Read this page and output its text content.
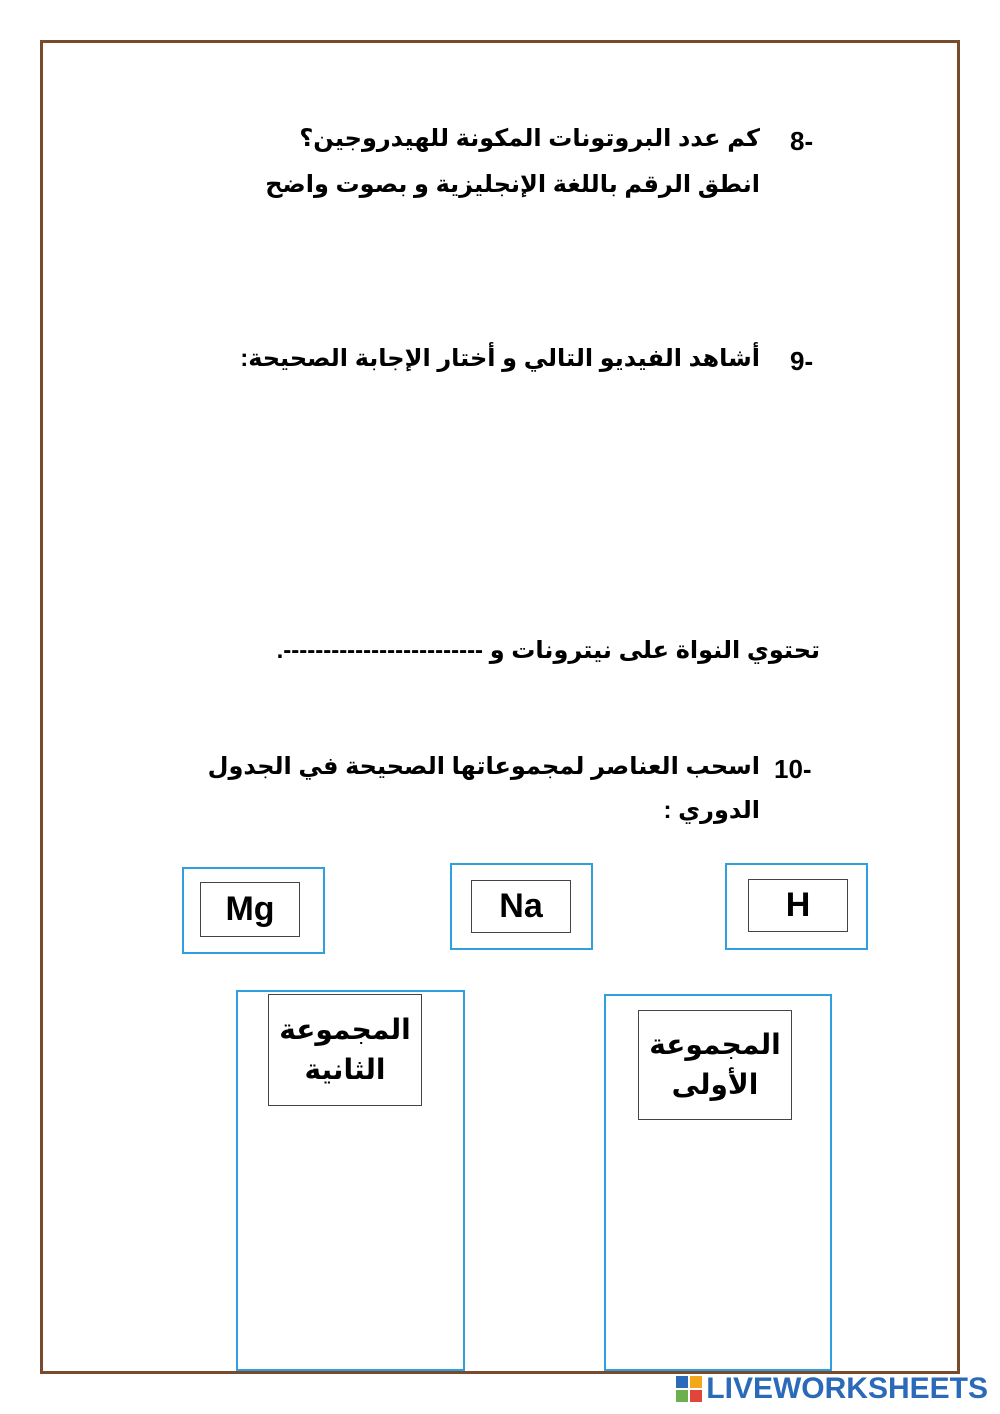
8-
كم عدد البروتونات المكونة للهيدروجين؟
انطق الرقم باللغة الإنجليزية و بصوت واضح
9-
أشاهد الفيديو التالي و أختار الإجابة الصحيحة:
تحتوي النواة على نيترونات و -------------------------.
10-
اسحب العناصر لمجموعاتها الصحيحة في الجدول
الدوري :
Mg	Na	H
المجموعة
الثانية
المجموعة
الأولى
LIVEWORKSHEETS
